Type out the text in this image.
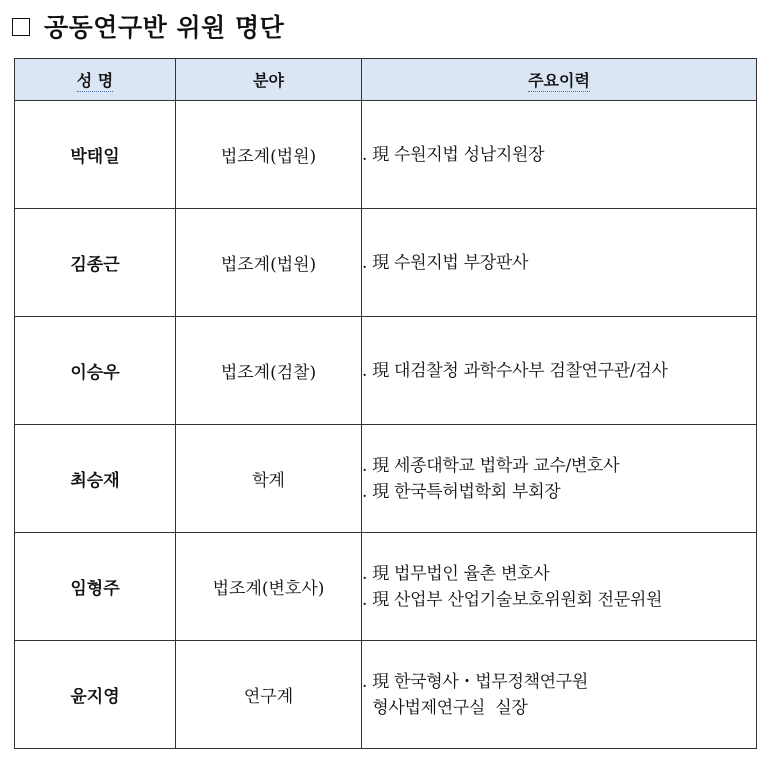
공동연구반 위원 명단
성 명	분야	주요이력
박태일	법조계(법원)	. 現 수원지법 성남지원장

김종근	법조계(법원)	. 現 수원지법 부장판사

이승우	법조계(검찰)	. 現 대검찰청 과학수사부 검찰연구관/검사

최승재	학계	. 現 세종대학교 법학과 교수/변호사
. 現 한국특허법학회 부회장

임형주	법조계(변호사)	. 現 법무법인 율촌 변호사
. 現 산업부 산업기술보호위원회 전문위원

윤지영	연구계	. 現 한국형사・법무정책연구원
형사법제연구실  실장
